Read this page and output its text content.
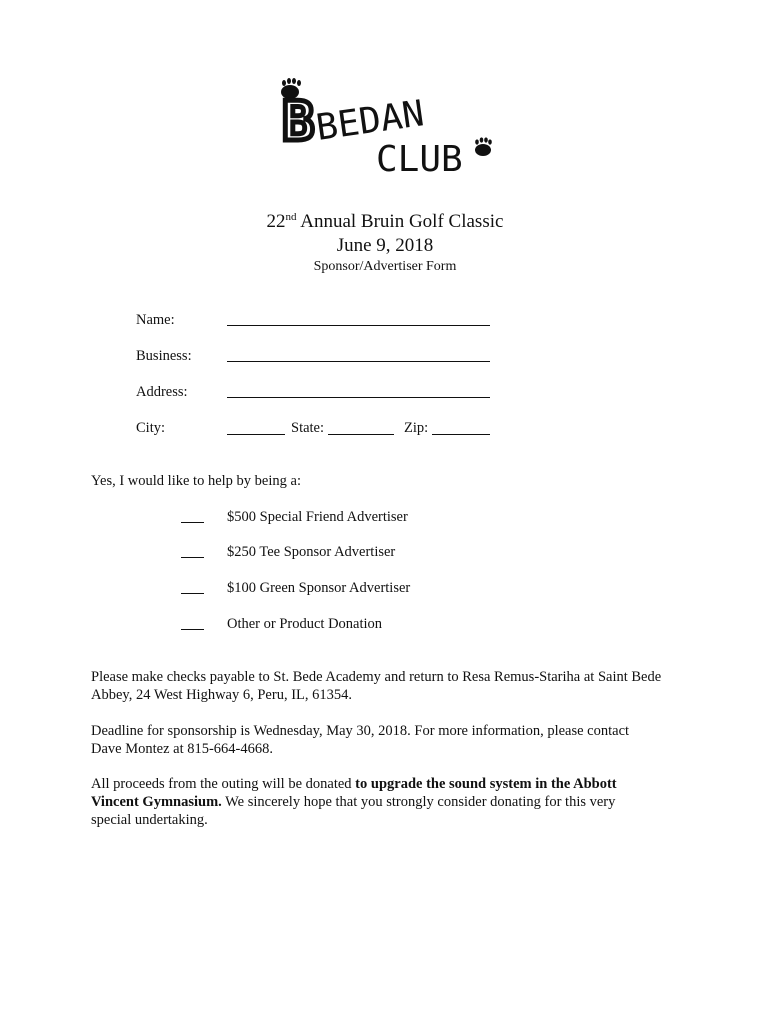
B BEDAN
CLUB
22nd Annual Bruin Golf Classic
June 9, 2018
Sponsor/Advertiser Form
Name:
Business:
Address:
City:	State:	Zip:
Yes, I would like to help by being a:
$500 Special Friend Advertiser
$250 Tee Sponsor Advertiser
$100 Green Sponsor Advertiser
Other or Product Donation
Please make checks payable to St. Bede Academy and return to Resa Remus-Stariha at Saint Bede Abbey, 24 West Highway 6, Peru, IL, 61354.
Deadline for sponsorship is Wednesday, May 30, 2018. For more information, please contact
Dave Montez at 815-664-4668.
All proceeds from the outing will be donated to upgrade the sound system in the Abbott Vincent Gymnasium. We sincerely hope that you strongly consider donating for this very special undertaking.
